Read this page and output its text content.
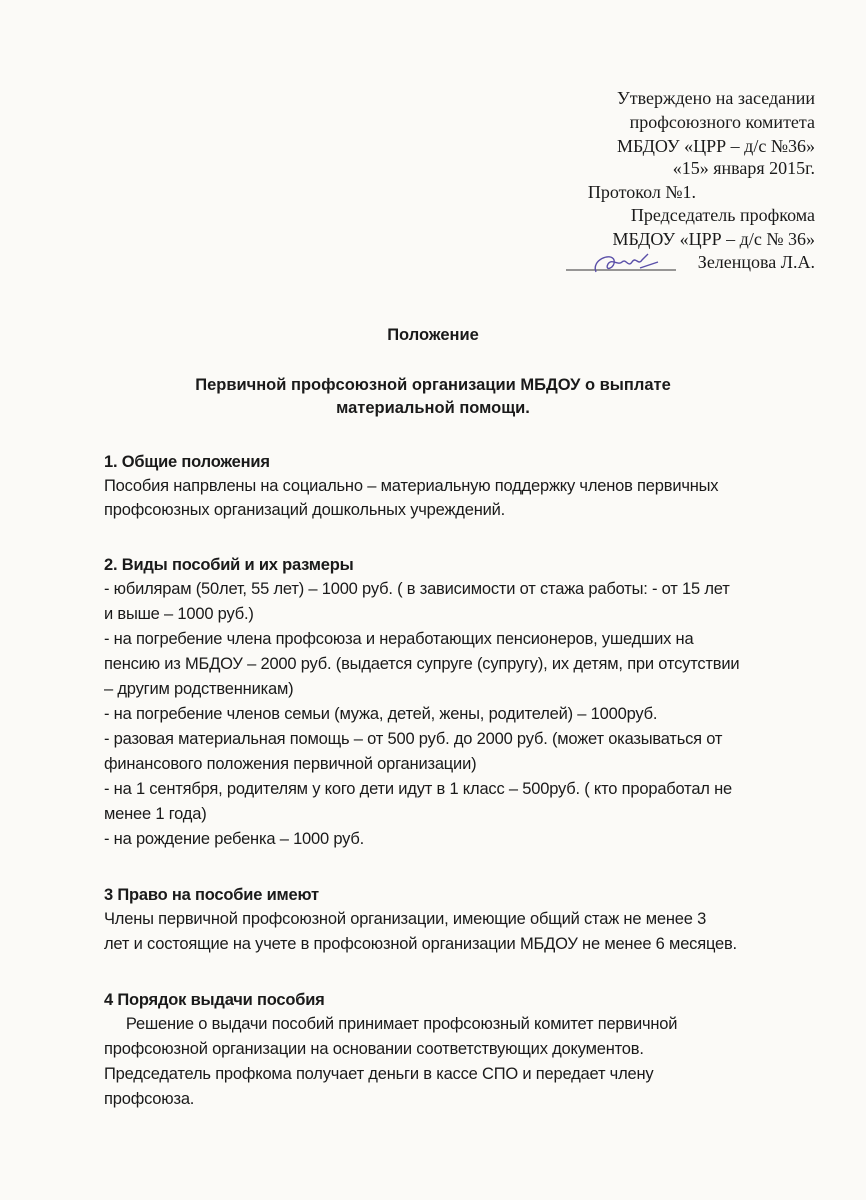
Утверждено на заседании
профсоюзного комитета
МБДОУ «ЦРР – д/с №36»
«15» января 2015г.
Протокол №1.
Председатель профкома
МБДОУ «ЦРР – д/с № 36»
Зеленцова Л.А.
Положение
Первичной профсоюзной организации МБДОУ о выплате
материальной помощи.
1. Общие положения
Пособия напрвлены на социально – материальную поддержку членов первичных
профсоюзных организаций дошкольных учреждений.
2. Виды пособий и их размеры
- юбилярам (50лет, 55 лет) – 1000 руб. ( в зависимости от стажа работы: - от 15 лет
и выше – 1000 руб.)
- на погребение члена профсоюза и неработающих пенсионеров, ушедших на
пенсию из МБДОУ – 2000 руб. (выдается супруге (супругу), их детям, при отсутствии
– другим родственникам)
- на погребение членов семьи (мужа, детей, жены, родителей) – 1000руб.
- разовая материальная помощь – от 500 руб. до 2000 руб. (может оказываться от
финансового положения первичной организации)
- на 1 сентября, родителям у кого дети идут в 1 класс – 500руб. ( кто проработал не
менее 1 года)
- на рождение ребенка – 1000 руб.
3 Право на пособие имеют
Члены первичной профсоюзной организации, имеющие общий стаж не менее 3
лет и состоящие на учете в профсоюзной организации МБДОУ не менее 6 месяцев.
4 Порядок выдачи пособия
Решение о выдачи пособий принимает профсоюзный комитет первичной
профсоюзной организации на основании соответствующих документов.
Председатель профкома получает деньги в кассе СПО и передает члену
профсоюза.
